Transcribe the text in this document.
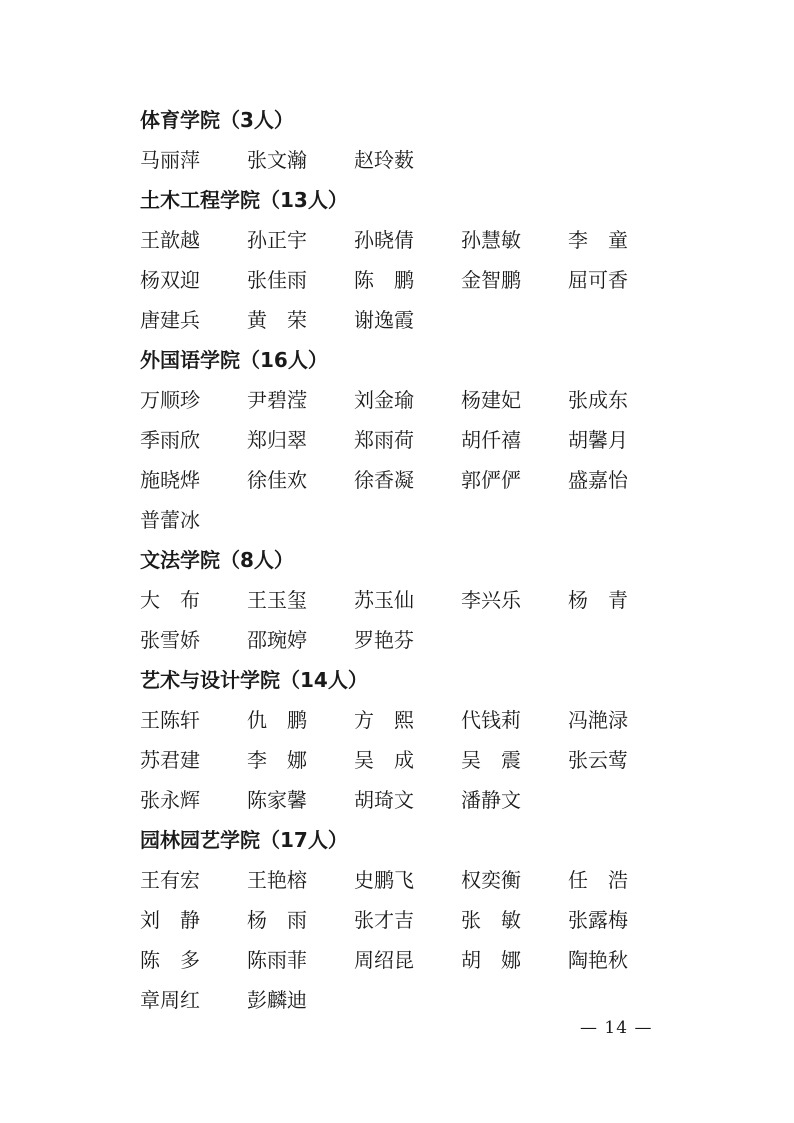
体育学院（3人）
马丽萍	张文瀚	赵玲薮
土木工程学院（13人）
王歆越	孙正宇	孙晓倩	孙慧敏	李童
杨双迎	张佳雨	陈鹏	金智鹏	屈可香
唐建兵	黄荣	谢逸霞
外国语学院（16人）
万顺珍	尹碧滢	刘金瑜	杨建妃	张成东
季雨欣	郑归翠	郑雨荷	胡仟禧	胡馨月
施晓烨	徐佳欢	徐香凝	郭俨俨	盛嘉怡
普蕾冰
文法学院（8人）
大布	王玉玺	苏玉仙	李兴乐	杨青
张雪娇	邵琬婷	罗艳芬
艺术与设计学院（14人）
王陈轩	仇鹏	方熙	代钱莉	冯滟渌
苏君建	李娜	吴成	吴震	张云莺
张永辉	陈家馨	胡琦文	潘静文
园林园艺学院（17人）
王有宏	王艳榕	史鹏飞	权奕衡	任浩
刘静	杨雨	张才吉	张敏	张露梅
陈多	陈雨菲	周绍昆	胡娜	陶艳秋
章周红	彭麟迪
— 14 —
